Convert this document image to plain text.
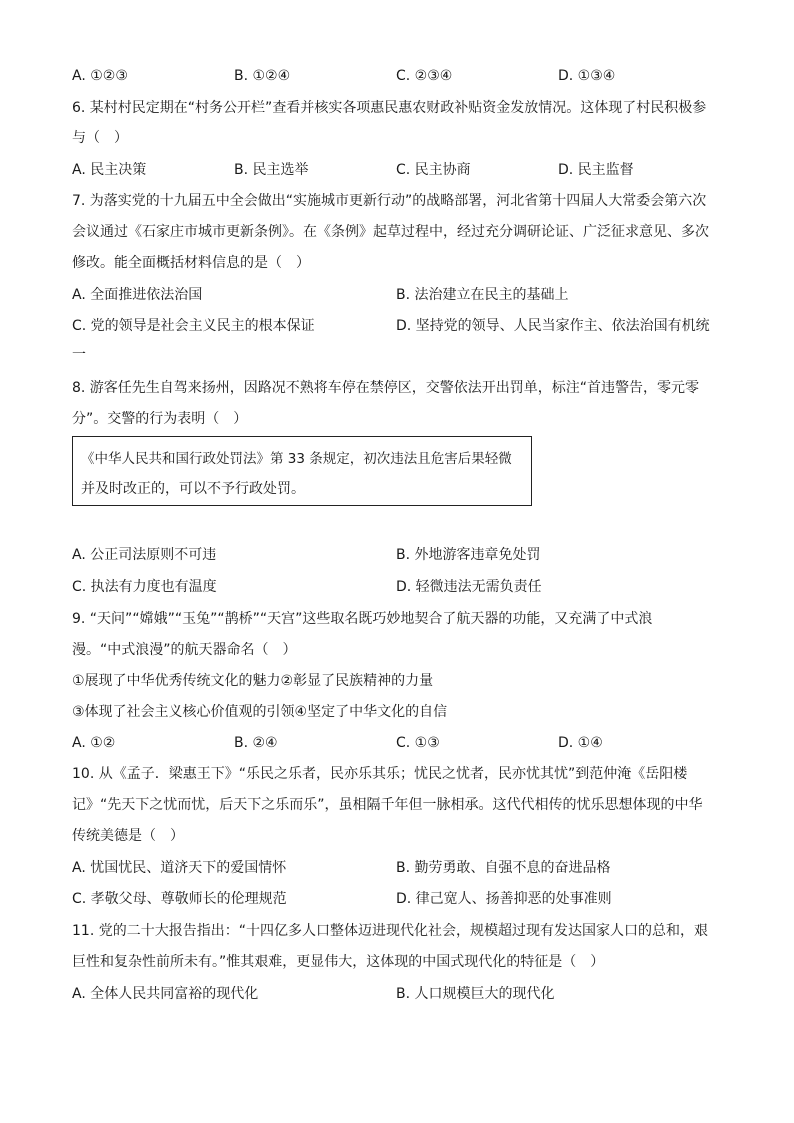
A. ①②③	B. ①②④	C. ②③④	D. ①③④
6. 某村村民定期在“村务公开栏”查看并核实各项惠民惠农财政补贴资金发放情况。这体现了村民积极参
与（　）
A. 民主决策	B. 民主选举	C. 民主协商	D. 民主监督
7. 为落实党的十九届五中全会做出“实施城市更新行动”的战略部署，河北省第十四届人大常委会第六次
会议通过《石家庄市城市更新条例》。在《条例》起草过程中，经过充分调研论证、广泛征求意见、多次
修改。能全面概括材料信息的是（　）
A. 全面推进依法治国	B. 法治建立在民主的基础上
C. 党的领导是社会主义民主的根本保证	D. 坚持党的领导、人民当家作主、依法治国有机统
一
8. 游客任先生自驾来扬州，因路况不熟将车停在禁停区，交警依法开出罚单，标注“首违警告，零元零
分”。交警的行为表明（　）
《中华人民共和国行政处罚法》第 33 条规定，初次违法且危害后果轻微
并及时改正的，可以不予行政处罚。
A. 公正司法原则不可违	B. 外地游客违章免处罚
C. 执法有力度也有温度	D. 轻微违法无需负责任
9. “天问”“嫦娥”“玉兔”“鹊桥”“天宫”这些取名既巧妙地契合了航天器的功能，又充满了中式浪
漫。“中式浪漫”的航天器命名（　）
①展现了中华优秀传统文化的魅力②彰显了民族精神的力量
③体现了社会主义核心价值观的引领④坚定了中华文化的自信
A. ①②	B. ②④	C. ①③	D. ①④
10. 从《孟子．梁惠王下》“乐民之乐者，民亦乐其乐；忧民之忧者，民亦忧其忧”到范仲淹《岳阳楼
记》“先天下之忧而忧，后天下之乐而乐”，虽相隔千年但一脉相承。这代代相传的忧乐思想体现的中华
传统美德是（　）
A. 忧国忧民、道济天下的爱国情怀	B. 勤劳勇敢、自强不息的奋进品格
C. 孝敬父母、尊敬师长的伦理规范	D. 律己宽人、扬善抑恶的处事准则
11. 党的二十大报告指出：“十四亿多人口整体迈进现代化社会，规模超过现有发达国家人口的总和，艰
巨性和复杂性前所未有。”惟其艰难，更显伟大，这体现的中国式现代化的特征是（　）
A. 全体人民共同富裕的现代化	B. 人口规模巨大的现代化
